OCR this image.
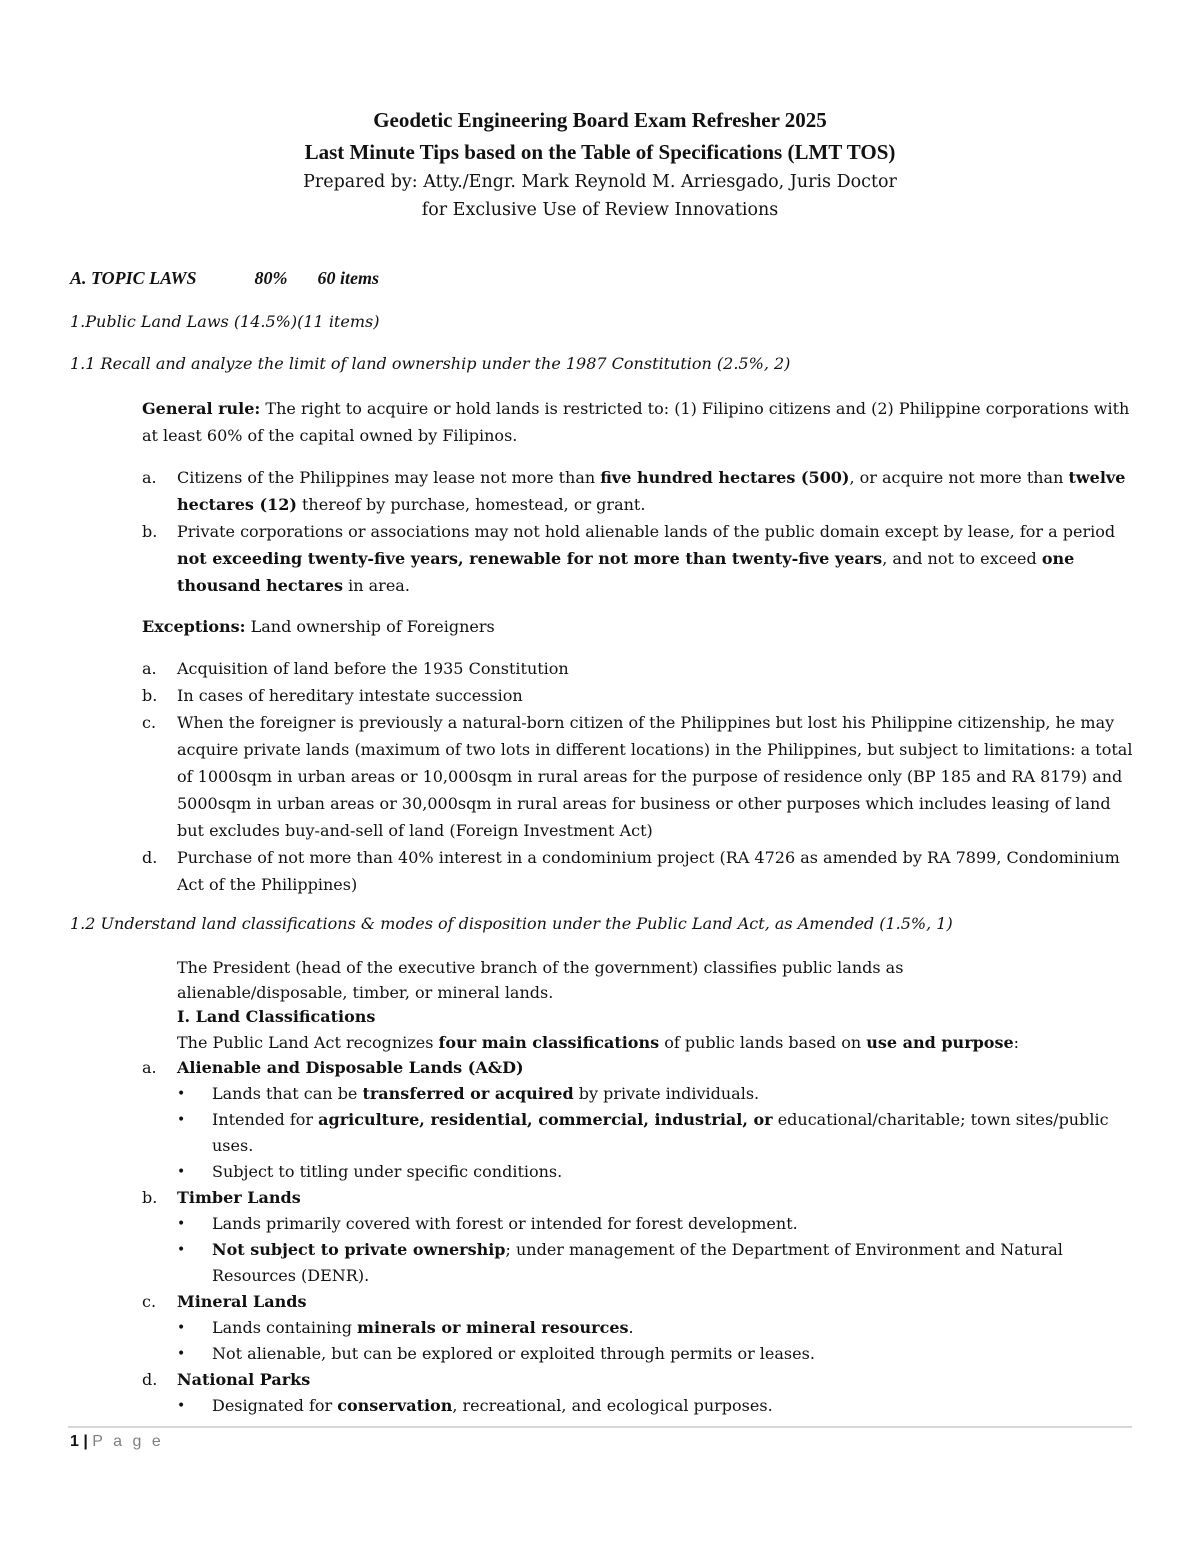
Geodetic Engineering Board Exam Refresher 2025
Last Minute Tips based on the Table of Specifications (LMT TOS)
Prepared by: Atty./Engr. Mark Reynold M. Arriesgado, Juris Doctor
for Exclusive Use of Review Innovations
A. TOPIC LAWS	80% 60 items
1.Public Land Laws (14.5%)(11 items)
1.1 Recall and analyze the limit of land ownership under the 1987 Constitution (2.5%, 2)
General rule: The right to acquire or hold lands is restricted to: (1) Filipino citizens and (2) Philippine corporations with at least 60% of the capital owned by Filipinos.
a. Citizens of the Philippines may lease not more than five hundred hectares (500), or acquire not more than twelve hectares (12) thereof by purchase, homestead, or grant.
b. Private corporations or associations may not hold alienable lands of the public domain except by lease, for a period not exceeding twenty-five years, renewable for not more than twenty-five years, and not to exceed one thousand hectares in area.
Exceptions: Land ownership of Foreigners
a. Acquisition of land before the 1935 Constitution
b. In cases of hereditary intestate succession
c. When the foreigner is previously a natural-born citizen of the Philippines but lost his Philippine citizenship, he may acquire private lands (maximum of two lots in different locations) in the Philippines, but subject to limitations: a total of 1000sqm in urban areas or 10,000sqm in rural areas for the purpose of residence only (BP 185 and RA 8179) and 5000sqm in urban areas or 30,000sqm in rural areas for business or other purposes which includes leasing of land but excludes buy-and-sell of land (Foreign Investment Act)
d. Purchase of not more than 40% interest in a condominium project (RA 4726 as amended by RA 7899, Condominium Act of the Philippines)
1.2 Understand land classifications & modes of disposition under the Public Land Act, as Amended (1.5%, 1)
The President (head of the executive branch of the government) classifies public lands as alienable/disposable, timber, or mineral lands.
I. Land Classifications
The Public Land Act recognizes four main classifications of public lands based on use and purpose:
a. Alienable and Disposable Lands (A&D)
• Lands that can be transferred or acquired by private individuals.
• Intended for agriculture, residential, commercial, industrial, or educational/charitable; town sites/public uses.
• Subject to titling under specific conditions.
b. Timber Lands
• Lands primarily covered with forest or intended for forest development.
• Not subject to private ownership; under management of the Department of Environment and Natural Resources (DENR).
c. Mineral Lands
• Lands containing minerals or mineral resources.
• Not alienable, but can be explored or exploited through permits or leases.
d. National Parks
• Designated for conservation, recreational, and ecological purposes.
1 | P a g e
